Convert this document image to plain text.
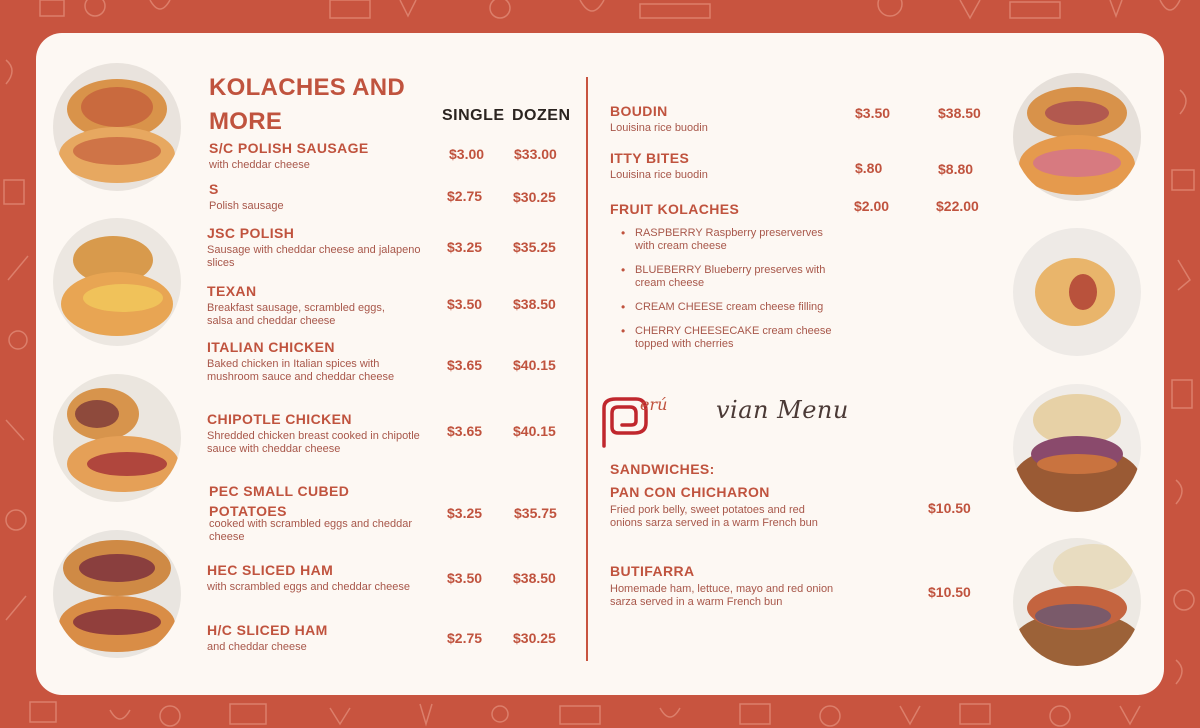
KOLACHES AND MORE	SINGLE DOZEN
S/C POLISH SAUSAGE
with cheddar cheese
$3.00 $33.00
S
Polish sausage
$2.75 $30.25
JSC POLISH
Sausage with cheddar cheese and jalapeno slices
$3.25 $35.25
TEXAN
Breakfast sausage, scrambled eggs, salsa and cheddar cheese
$3.50 $38.50
ITALIAN CHICKEN
Baked chicken in Italian spices with mushroom sauce and cheddar cheese
$3.65 $40.15
CHIPOTLE CHICKEN
Shredded chicken breast cooked in chipotle sauce with cheddar cheese
$3.65 $40.15
PEC SMALL CUBED POTATOES
cooked with scrambled eggs and cheddar cheese
$3.25 $35.75
HEC SLICED HAM
with scrambled eggs and cheddar cheese
$3.50 $38.50
H/C SLICED HAM
and cheddar cheese
$2.75 $30.25
BOUDIN
Louisina rice buodin
$3.50	$38.50
ITTY BITES
Louisina rice buodin	$.80	$8.80
FRUIT KOLACHES	$2.00	$22.00
• RASPBERRY Raspberry preserverves with cream cheese
• BLUEBERRY Blueberry preserves with cream cheese
• CREAM CHEESE cream cheese filling
• CHERRY CHEESECAKE cream cheese topped with cherries
erú vian Menu
SANDWICHES:
PAN CON CHICHARON
Fried pork belly, sweet potatoes and red onions sarza served in a warm French bun
$10.50
BUTIFARRA
Homemade ham, lettuce, mayo and red onion sarza served in a warm French bun
$10.50
